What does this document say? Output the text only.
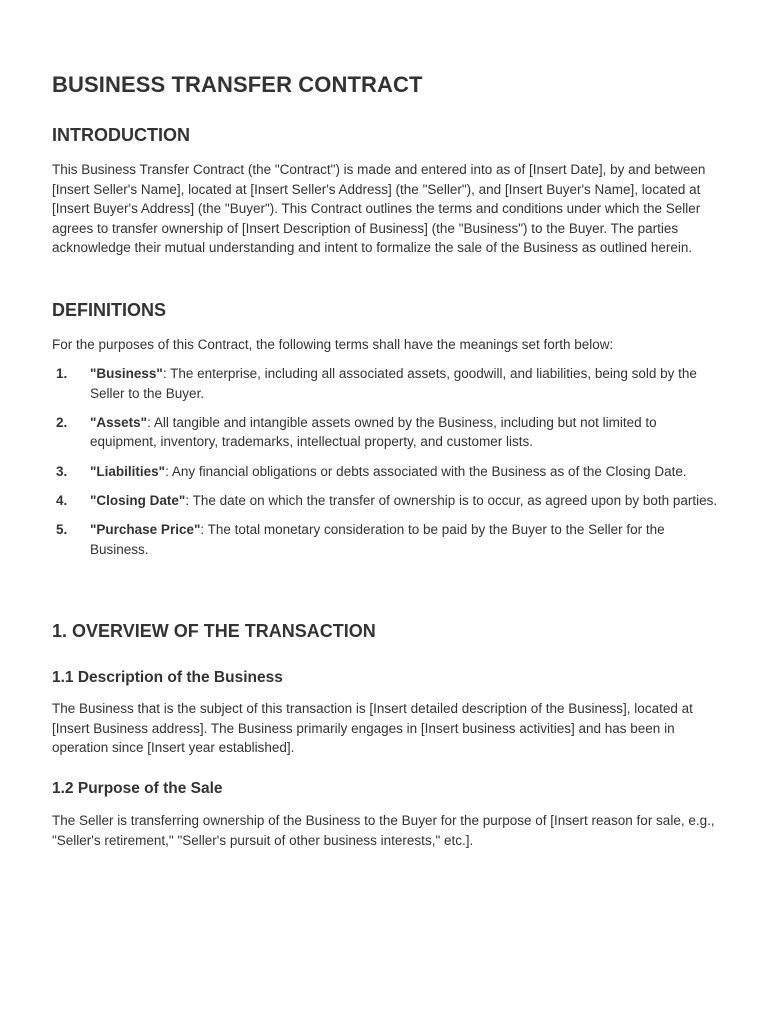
BUSINESS TRANSFER CONTRACT
INTRODUCTION

This Business Transfer Contract (the "Contract") is made and entered into as of [Insert Date], by and between [Insert Seller's Name], located at [Insert Seller's Address] (the "Seller"), and [Insert Buyer's Name], located at [Insert Buyer's Address] (the "Buyer"). This Contract outlines the terms and conditions under which the Seller agrees to transfer ownership of [Insert Description of Business] (the "Business") to the Buyer. The parties acknowledge their mutual understanding and intent to formalize the sale of the Business as outlined herein.

DEFINITIONS

For the purposes of this Contract, the following terms shall have the meanings set forth below:

1. "Business": The enterprise, including all associated assets, goodwill, and liabilities, being sold by the Seller to the Buyer.
2. "Assets": All tangible and intangible assets owned by the Business, including but not limited to equipment, inventory, trademarks, intellectual property, and customer lists.
3. "Liabilities": Any financial obligations or debts associated with the Business as of the Closing Date.
4. "Closing Date": The date on which the transfer of ownership is to occur, as agreed upon by both parties.
5. "Purchase Price": The total monetary consideration to be paid by the Buyer to the Seller for the Business.
1. OVERVIEW OF THE TRANSACTION
1.1 Description of the Business

The Business that is the subject of this transaction is [Insert detailed description of the Business], located at [Insert Business address]. The Business primarily engages in [Insert business activities] and has been in operation since [Insert year established].

1.2 Purpose of the Sale

The Seller is transferring ownership of the Business to the Buyer for the purpose of [Insert reason for sale, e.g., "Seller's retirement," "Seller's pursuit of other business interests," etc.].
